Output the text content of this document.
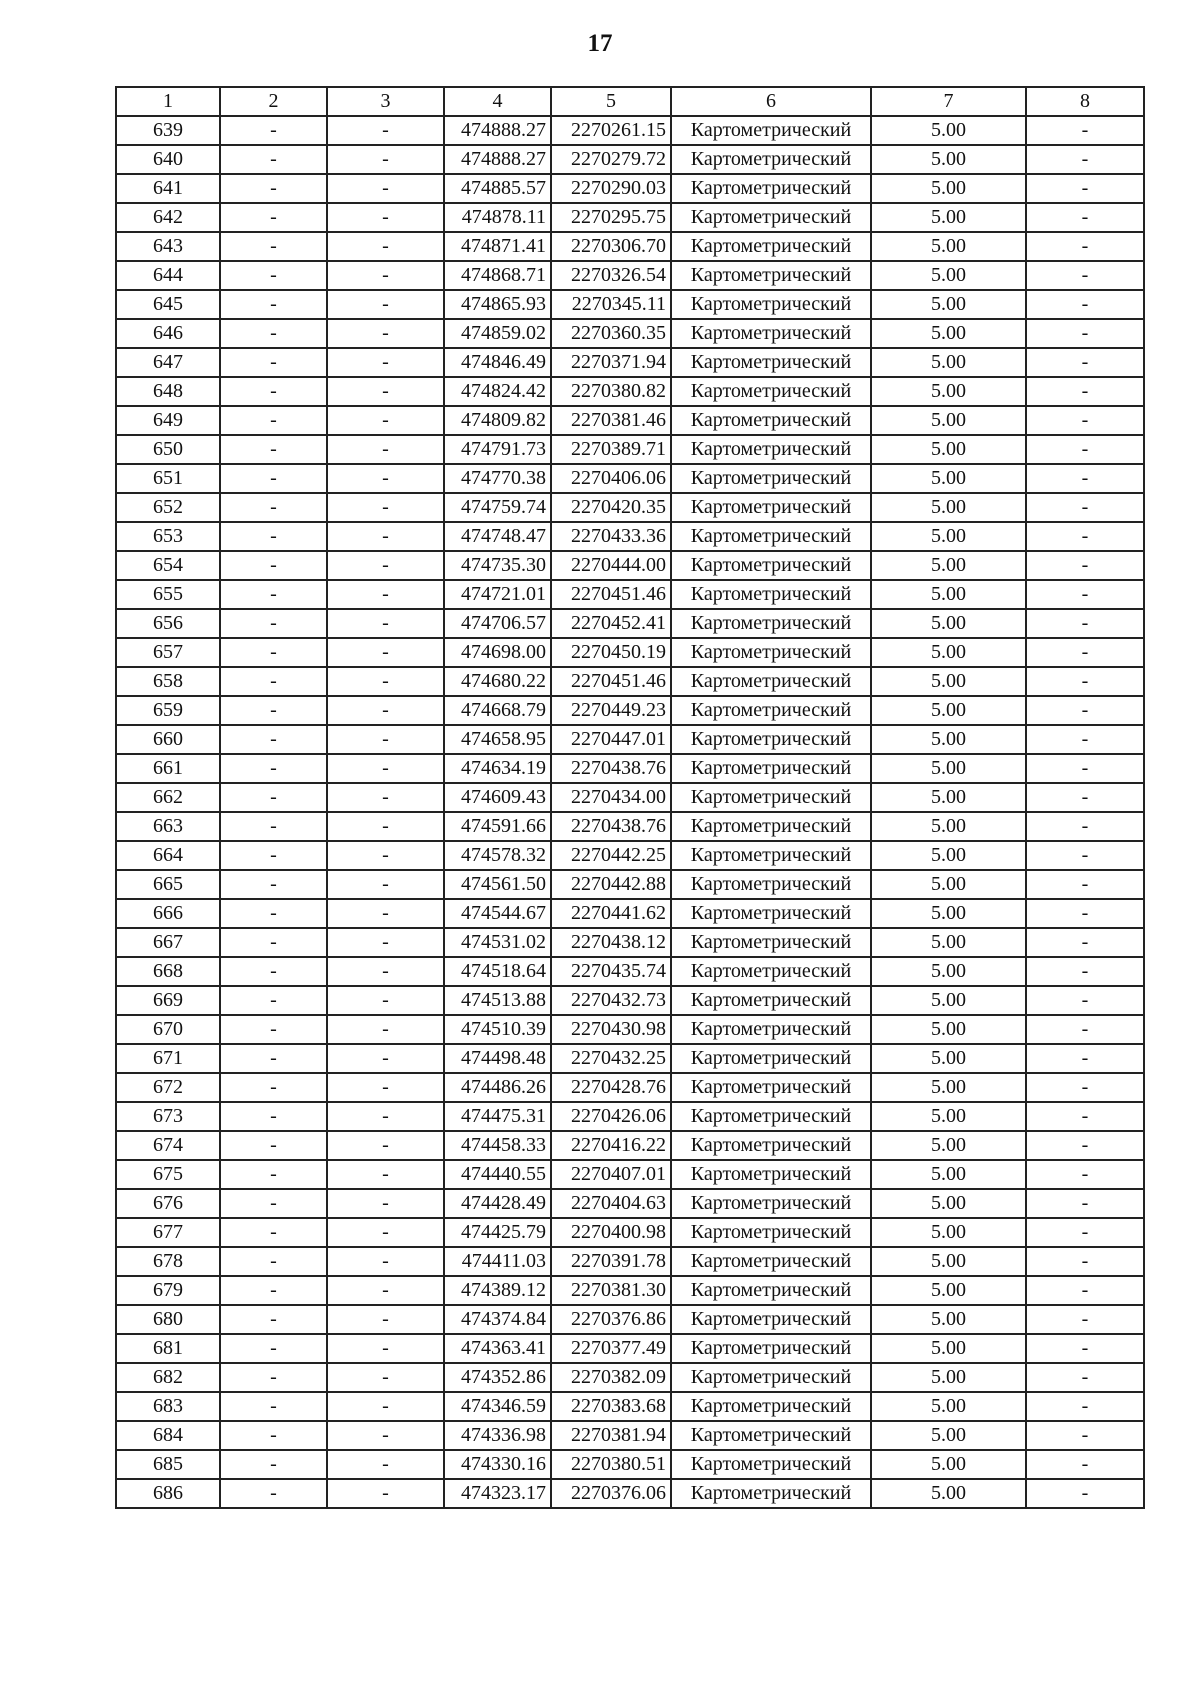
17
1	2	3	4	5	6	7	8
639	-	-	474888.27	2270261.15	Картометрический	5.00	-
640	-	-	474888.27	2270279.72	Картометрический	5.00	-
641	-	-	474885.57	2270290.03	Картометрический	5.00	-
642	-	-	474878.11	2270295.75	Картометрический	5.00	-
643	-	-	474871.41	2270306.70	Картометрический	5.00	-
644	-	-	474868.71	2270326.54	Картометрический	5.00	-
645	-	-	474865.93	2270345.11	Картометрический	5.00	-
646	-	-	474859.02	2270360.35	Картометрический	5.00	-
647	-	-	474846.49	2270371.94	Картометрический	5.00	-
648	-	-	474824.42	2270380.82	Картометрический	5.00	-
649	-	-	474809.82	2270381.46	Картометрический	5.00	-
650	-	-	474791.73	2270389.71	Картометрический	5.00	-
651	-	-	474770.38	2270406.06	Картометрический	5.00	-
652	-	-	474759.74	2270420.35	Картометрический	5.00	-
653	-	-	474748.47	2270433.36	Картометрический	5.00	-
654	-	-	474735.30	2270444.00	Картометрический	5.00	-
655	-	-	474721.01	2270451.46	Картометрический	5.00	-
656	-	-	474706.57	2270452.41	Картометрический	5.00	-
657	-	-	474698.00	2270450.19	Картометрический	5.00	-
658	-	-	474680.22	2270451.46	Картометрический	5.00	-
659	-	-	474668.79	2270449.23	Картометрический	5.00	-
660	-	-	474658.95	2270447.01	Картометрический	5.00	-
661	-	-	474634.19	2270438.76	Картометрический	5.00	-
662	-	-	474609.43	2270434.00	Картометрический	5.00	-
663	-	-	474591.66	2270438.76	Картометрический	5.00	-
664	-	-	474578.32	2270442.25	Картометрический	5.00	-
665	-	-	474561.50	2270442.88	Картометрический	5.00	-
666	-	-	474544.67	2270441.62	Картометрический	5.00	-
667	-	-	474531.02	2270438.12	Картометрический	5.00	-
668	-	-	474518.64	2270435.74	Картометрический	5.00	-
669	-	-	474513.88	2270432.73	Картометрический	5.00	-
670	-	-	474510.39	2270430.98	Картометрический	5.00	-
671	-	-	474498.48	2270432.25	Картометрический	5.00	-
672	-	-	474486.26	2270428.76	Картометрический	5.00	-
673	-	-	474475.31	2270426.06	Картометрический	5.00	-
674	-	-	474458.33	2270416.22	Картометрический	5.00	-
675	-	-	474440.55	2270407.01	Картометрический	5.00	-
676	-	-	474428.49	2270404.63	Картометрический	5.00	-
677	-	-	474425.79	2270400.98	Картометрический	5.00	-
678	-	-	474411.03	2270391.78	Картометрический	5.00	-
679	-	-	474389.12	2270381.30	Картометрический	5.00	-
680	-	-	474374.84	2270376.86	Картометрический	5.00	-
681	-	-	474363.41	2270377.49	Картометрический	5.00	-
682	-	-	474352.86	2270382.09	Картометрический	5.00	-
683	-	-	474346.59	2270383.68	Картометрический	5.00	-
684	-	-	474336.98	2270381.94	Картометрический	5.00	-
685	-	-	474330.16	2270380.51	Картометрический	5.00	-
686	-	-	474323.17	2270376.06	Картометрический	5.00	-
